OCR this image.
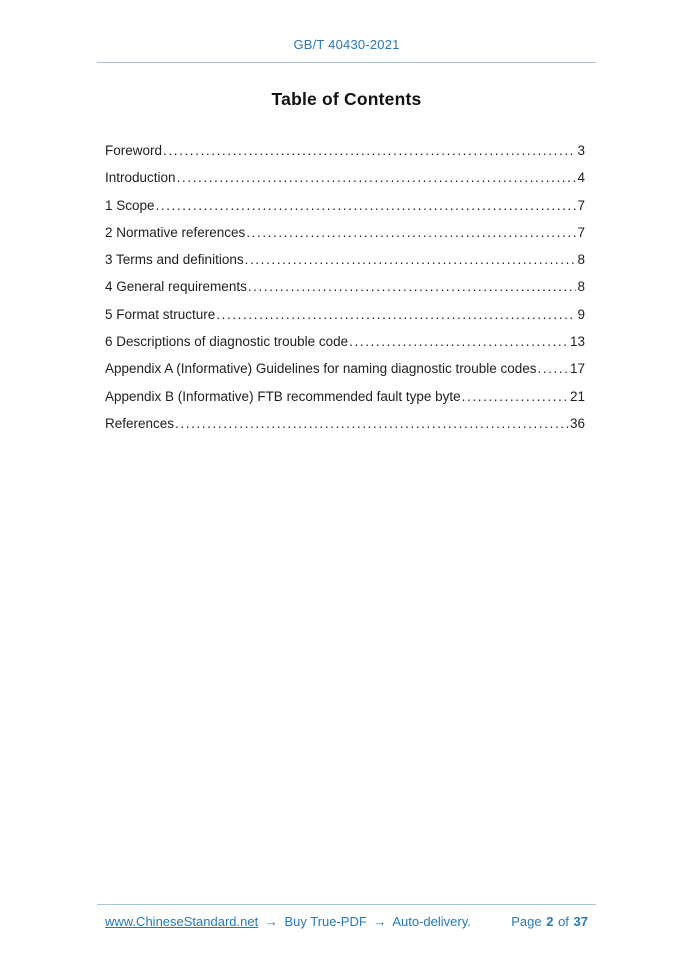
GB/T 40430-2021
Table of Contents
Foreword .....	3
Introduction .....	4
1 Scope .....	7
2 Normative references .....	7
3 Terms and definitions .....	8
4 General requirements .....	8
5 Format structure .....	9
6 Descriptions of diagnostic trouble code .....	13
Appendix A (Informative) Guidelines for naming diagnostic trouble codes ..... 17
Appendix B (Informative) FTB recommended fault type byte .....	21
References .....	36
www.ChineseStandard.net → Buy True-PDF → Auto-delivery.	Page 2 of 37
